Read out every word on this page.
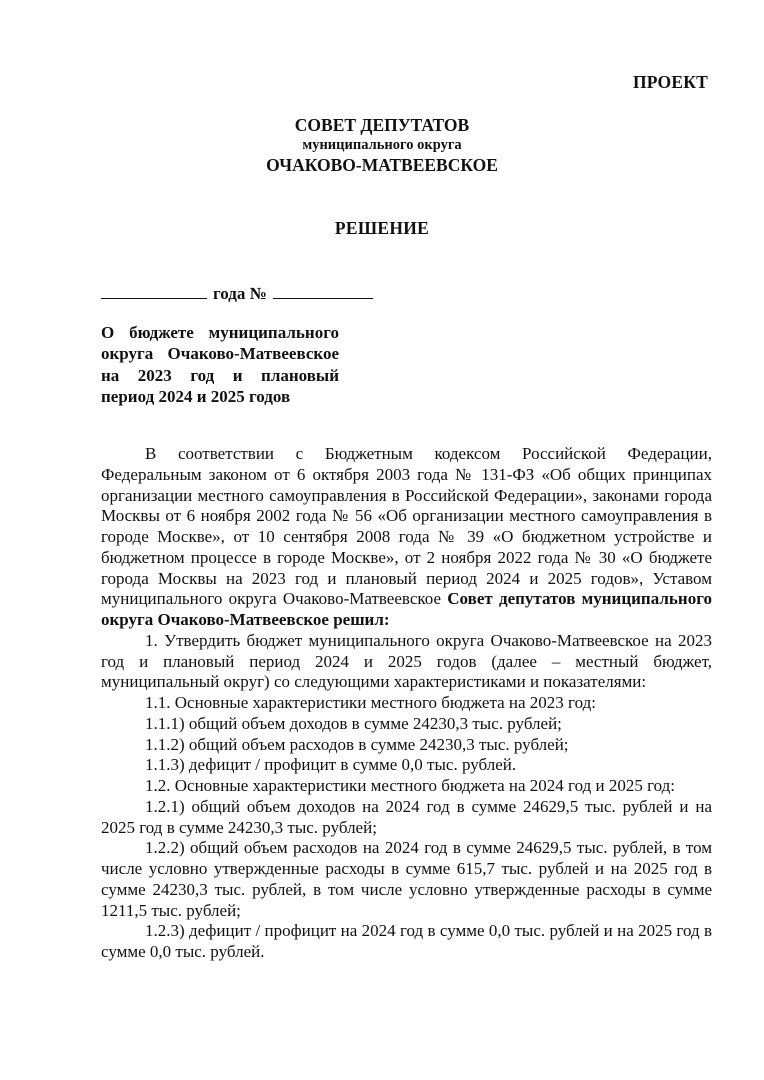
ПРОЕКТ
СОВЕТ ДЕПУТАТОВ
муниципального округа
ОЧАКОВО-МАТВЕЕВСКОЕ
РЕШЕНИЕ
года №
О бюджете муниципального округа Очаково-Матвеевское на 2023 год и плановый период 2024 и 2025 годов

В соответствии с Бюджетным кодексом Российской Федерации, Федеральным законом от 6 октября 2003 года № 131-ФЗ «Об общих принципах организации местного самоуправления в Российской Федерации», законами города Москвы от 6 ноября 2002 года № 56 «Об организации местного самоуправления в городе Москве», от 10 сентября 2008 года № 39 «О бюджетном устройстве и бюджетном процессе в городе Москве», от 2 ноября 2022 года № 30 «О бюджете города Москвы на 2023 год и плановый период 2024 и 2025 годов», Уставом муниципального округа Очаково-Матвеевское Совет депутатов муниципального округа Очаково-Матвеевское решил:

1. Утвердить бюджет муниципального округа Очаково-Матвеевское на 2023 год и плановый период 2024 и 2025 годов (далее – местный бюджет, муниципальный округ) со следующими характеристиками и показателями:

1.1. Основные характеристики местного бюджета на 2023 год:

1.1.1) общий объем доходов в сумме 24230,3 тыс. рублей;

1.1.2) общий объем расходов в сумме 24230,3 тыс. рублей;

1.1.3) дефицит / профицит в сумме 0,0 тыс. рублей.

1.2. Основные характеристики местного бюджета на 2024 год и 2025 год:

1.2.1) общий объем доходов на 2024 год в сумме 24629,5 тыс. рублей и на 2025 год в сумме 24230,3 тыс. рублей;

1.2.2) общий объем расходов на 2024 год в сумме 24629,5 тыс. рублей, в том числе условно утвержденные расходы в сумме 615,7 тыс. рублей и на 2025 год в сумме 24230,3 тыс. рублей, в том числе условно утвержденные расходы в сумме 1211,5 тыс. рублей;

1.2.3) дефицит / профицит на 2024 год в сумме 0,0 тыс. рублей и на 2025 год в сумме 0,0 тыс. рублей.
